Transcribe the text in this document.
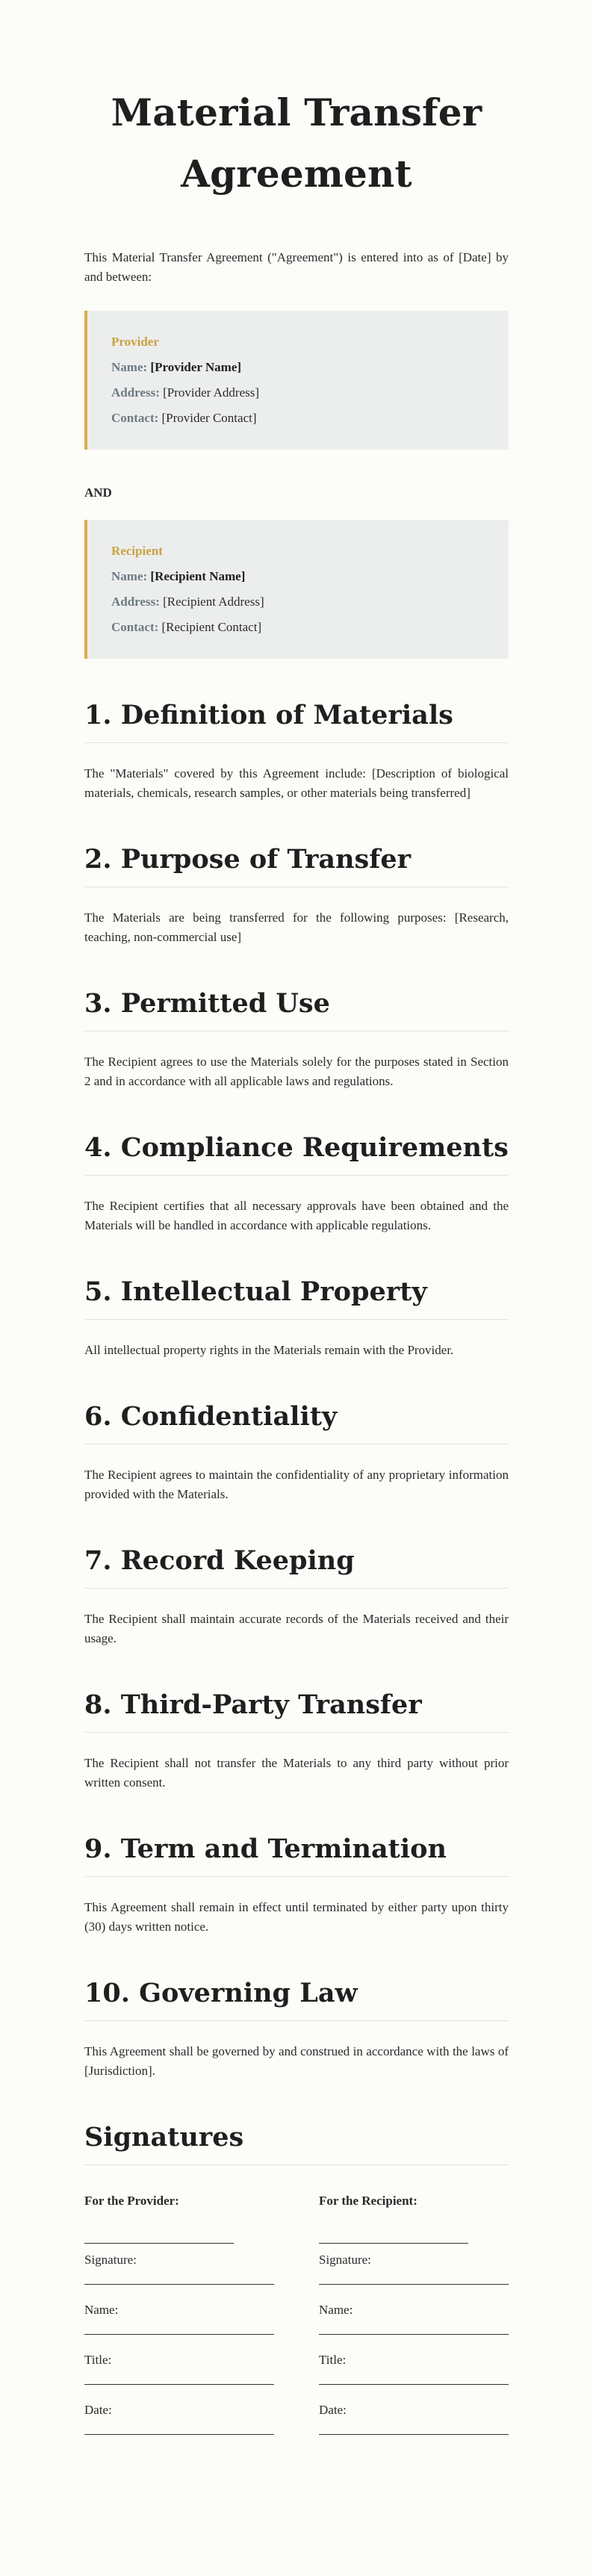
Material Transfer Agreement

This Material Transfer Agreement ("Agreement") is entered into as of [Date] by and between:

Provider
Name: [Provider Name]
Address: [Provider Address]
Contact: [Provider Contact]
AND
Recipient
Name: [Recipient Name]
Address: [Recipient Address]
Contact: [Recipient Contact]
1. Definition of Materials

The "Materials" covered by this Agreement include: [Description of biological materials, chemicals, research samples, or other materials being transferred]

2. Purpose of Transfer

The Materials are being transferred for the following purposes: [Research, teaching, non-commercial use]

3. Permitted Use

The Recipient agrees to use the Materials solely for the purposes stated in Section 2 and in accordance with all applicable laws and regulations.

4. Compliance Requirements

The Recipient certifies that all necessary approvals have been obtained and the Materials will be handled in accordance with applicable regulations.

5. Intellectual Property

All intellectual property rights in the Materials remain with the Provider.

6. Confidentiality

The Recipient agrees to maintain the confidentiality of any proprietary information provided with the Materials.

7. Record Keeping

The Recipient shall maintain accurate records of the Materials received and their usage.

8. Third-Party Transfer

The Recipient shall not transfer the Materials to any third party without prior written consent.

9. Term and Termination

This Agreement shall remain in effect until terminated by either party upon thirty (30) days written notice.

10. Governing Law

This Agreement shall be governed by and construed in accordance with the laws of [Jurisdiction].

Signatures
For the Provider:
Signature:
Name:
Title:
Date:
For the Recipient:
Signature:
Name:
Title:
Date:
